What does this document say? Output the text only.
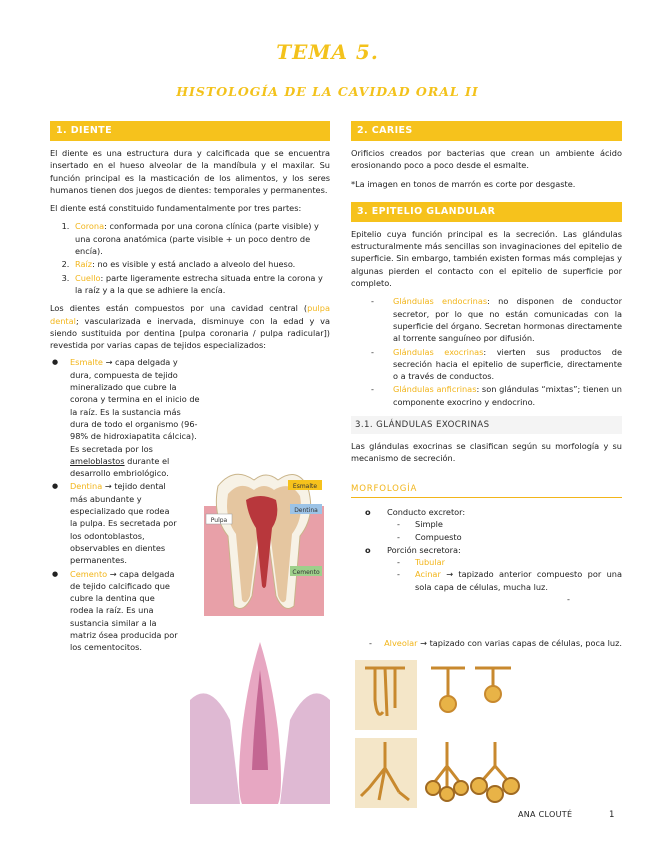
TEMA 5.
HISTOLOGÍA DE LA CAVIDAD ORAL II
1. DIENTE

El diente es una estructura dura y calcificada que se encuentra insertado en el hueso alveolar de la mandíbula y el maxilar. Su función principal es la masticación de los alimentos, y los seres humanos tienen dos juegos de dientes: temporales y permanentes.

El diente está constituido fundamentalmente por tres partes:

1. Corona: conformada por una corona clínica (parte visible) y una corona anatómica (parte visible + un poco dentro de encía).
2. Raíz: no es visible y está anclado a alveolo del hueso.
3. Cuello: parte ligeramente estrecha situada entre la corona y la raíz y a la que se adhiere la encía.

Los dientes están compuestos por una cavidad central (pulpa dental; vascularizada e inervada, disminuye con la edad y va siendo sustituida por dentina [pulpa coronaria / pulpa radicular]) revestida por varias capas de tejidos especializados:

● Esmalte → capa delgada y dura, compuesta de tejido mineralizado que cubre la corona y termina en el inicio de la raíz. Es la sustancia más dura de todo el organismo (96-98% de hidroxiapatita cálcica). Es secretada por los ameloblastos durante el desarrollo embriológico.
● Dentina → tejido dental más abundante y especializado que rodea la pulpa. Es secretada por los odontoblastos, observables en dientes permanentes.
● Cemento → capa delgada de tejido calcificado que cubre la dentina que rodea la raíz. Es una sustancia similar a la matriz ósea producida por los cementocitos.
Esmalte
Pulpa
Dentina
Cemento
2. CARIES

Orificios creados por bacterias que crean un ambiente ácido erosionando poco a poco desde el esmalte.

*La imagen en tonos de marrón es corte por desgaste.

3. EPITELIO GLANDULAR

Epitelio cuya función principal es la secreción. Las glándulas estructuralmente más sencillas son invaginaciones del epitelio de superficie. Sin embargo, también existen formas más complejas y algunas pierden el contacto con el epitelio de superficie por completo.

- Glándulas endocrinas: no disponen de conductor secretor, por lo que no están comunicadas con la superficie del órgano. Secretan hormonas directamente al torrente sanguíneo por difusión.
- Glándulas exocrinas: vierten sus productos de secreción hacia el epitelio de superficie, directamente o a través de conductos.
- Glándulas anficrinas: son glándulas “mixtas”; tienen un componente exocrino y endocrino.
3.1. GLÁNDULAS EXOCRINAS

Las glándulas exocrinas se clasifican según su morfología y su mecanismo de secreción.

MORFOLOGÍA
o Conducto excretor:
- Simple
- Compuesto
o Porción secretora:
- Tubular
- Acinar → tapizado anterior compuesto por una sola capa de células, mucha luz.
- Alveolar → tapizado con varias capas de células, poca luz.
ANA CLOUTÉ	1
